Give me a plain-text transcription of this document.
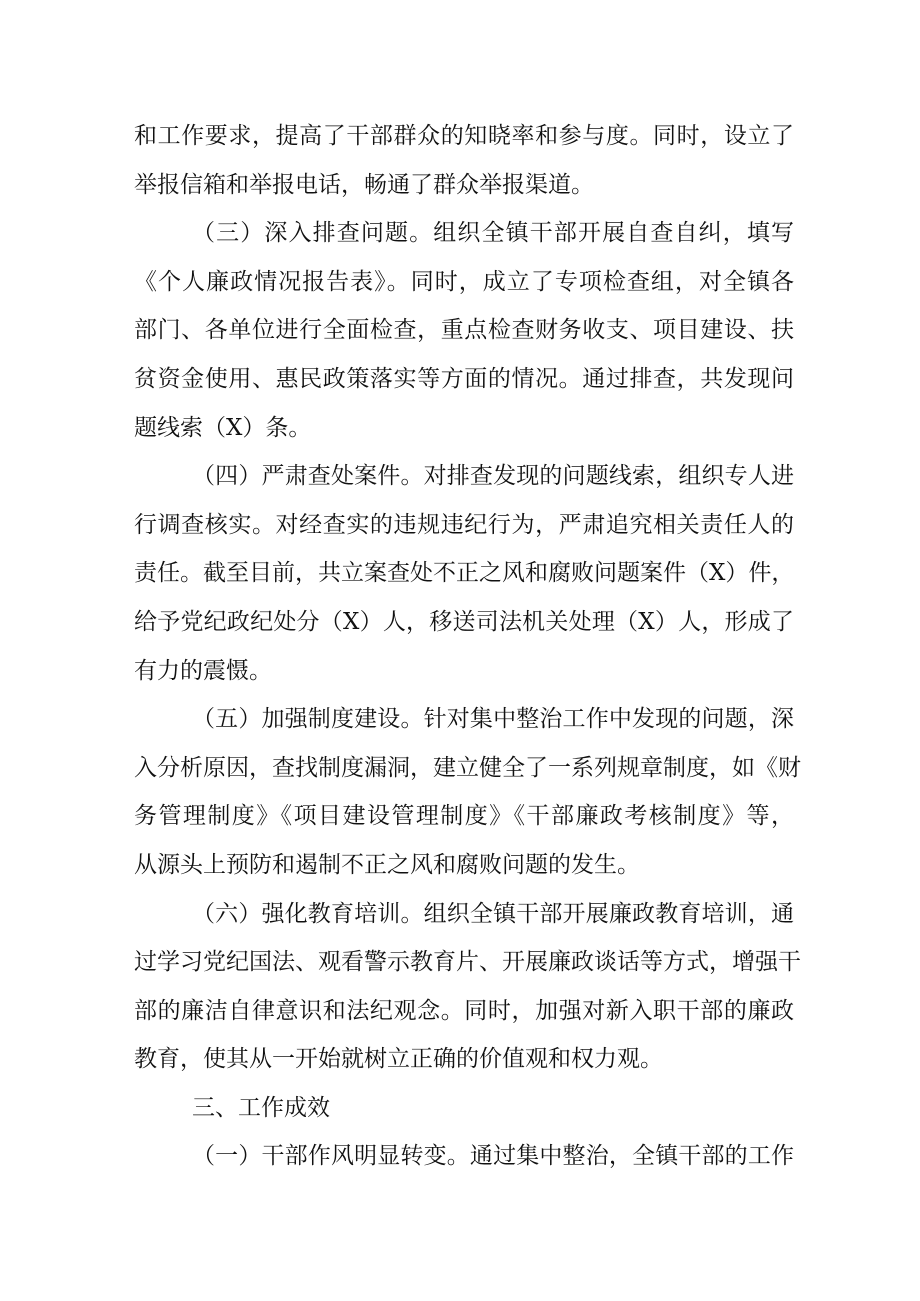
和工作要求，提高了干部群众的知晓率和参与度。同时，设立了
举报信箱和举报电话，畅通了群众举报渠道。
（三）深入排查问题。组织全镇干部开展自查自纠，填写
《个人廉政情况报告表》。同时，成立了专项检查组，对全镇各
部门、各单位进行全面检查，重点检查财务收支、项目建设、扶
贫资金使用、惠民政策落实等方面的情况。通过排查，共发现问
题线索（X）条。
（四）严肃查处案件。对排查发现的问题线索，组织专人进
行调查核实。对经查实的违规违纪行为，严肃追究相关责任人的
责任。截至目前，共立案查处不正之风和腐败问题案件（X）件，
给予党纪政纪处分（X）人，移送司法机关处理（X）人，形成了
有力的震慑。
（五）加强制度建设。针对集中整治工作中发现的问题，深
入分析原因，查找制度漏洞，建立健全了一系列规章制度，如《财
务管理制度》《项目建设管理制度》《干部廉政考核制度》等，
从源头上预防和遏制不正之风和腐败问题的发生。
（六）强化教育培训。组织全镇干部开展廉政教育培训，通
过学习党纪国法、观看警示教育片、开展廉政谈话等方式，增强干
部的廉洁自律意识和法纪观念。同时，加强对新入职干部的廉政
教育，使其从一开始就树立正确的价值观和权力观。
三、工作成效
（一）干部作风明显转变。通过集中整治，全镇干部的工作
